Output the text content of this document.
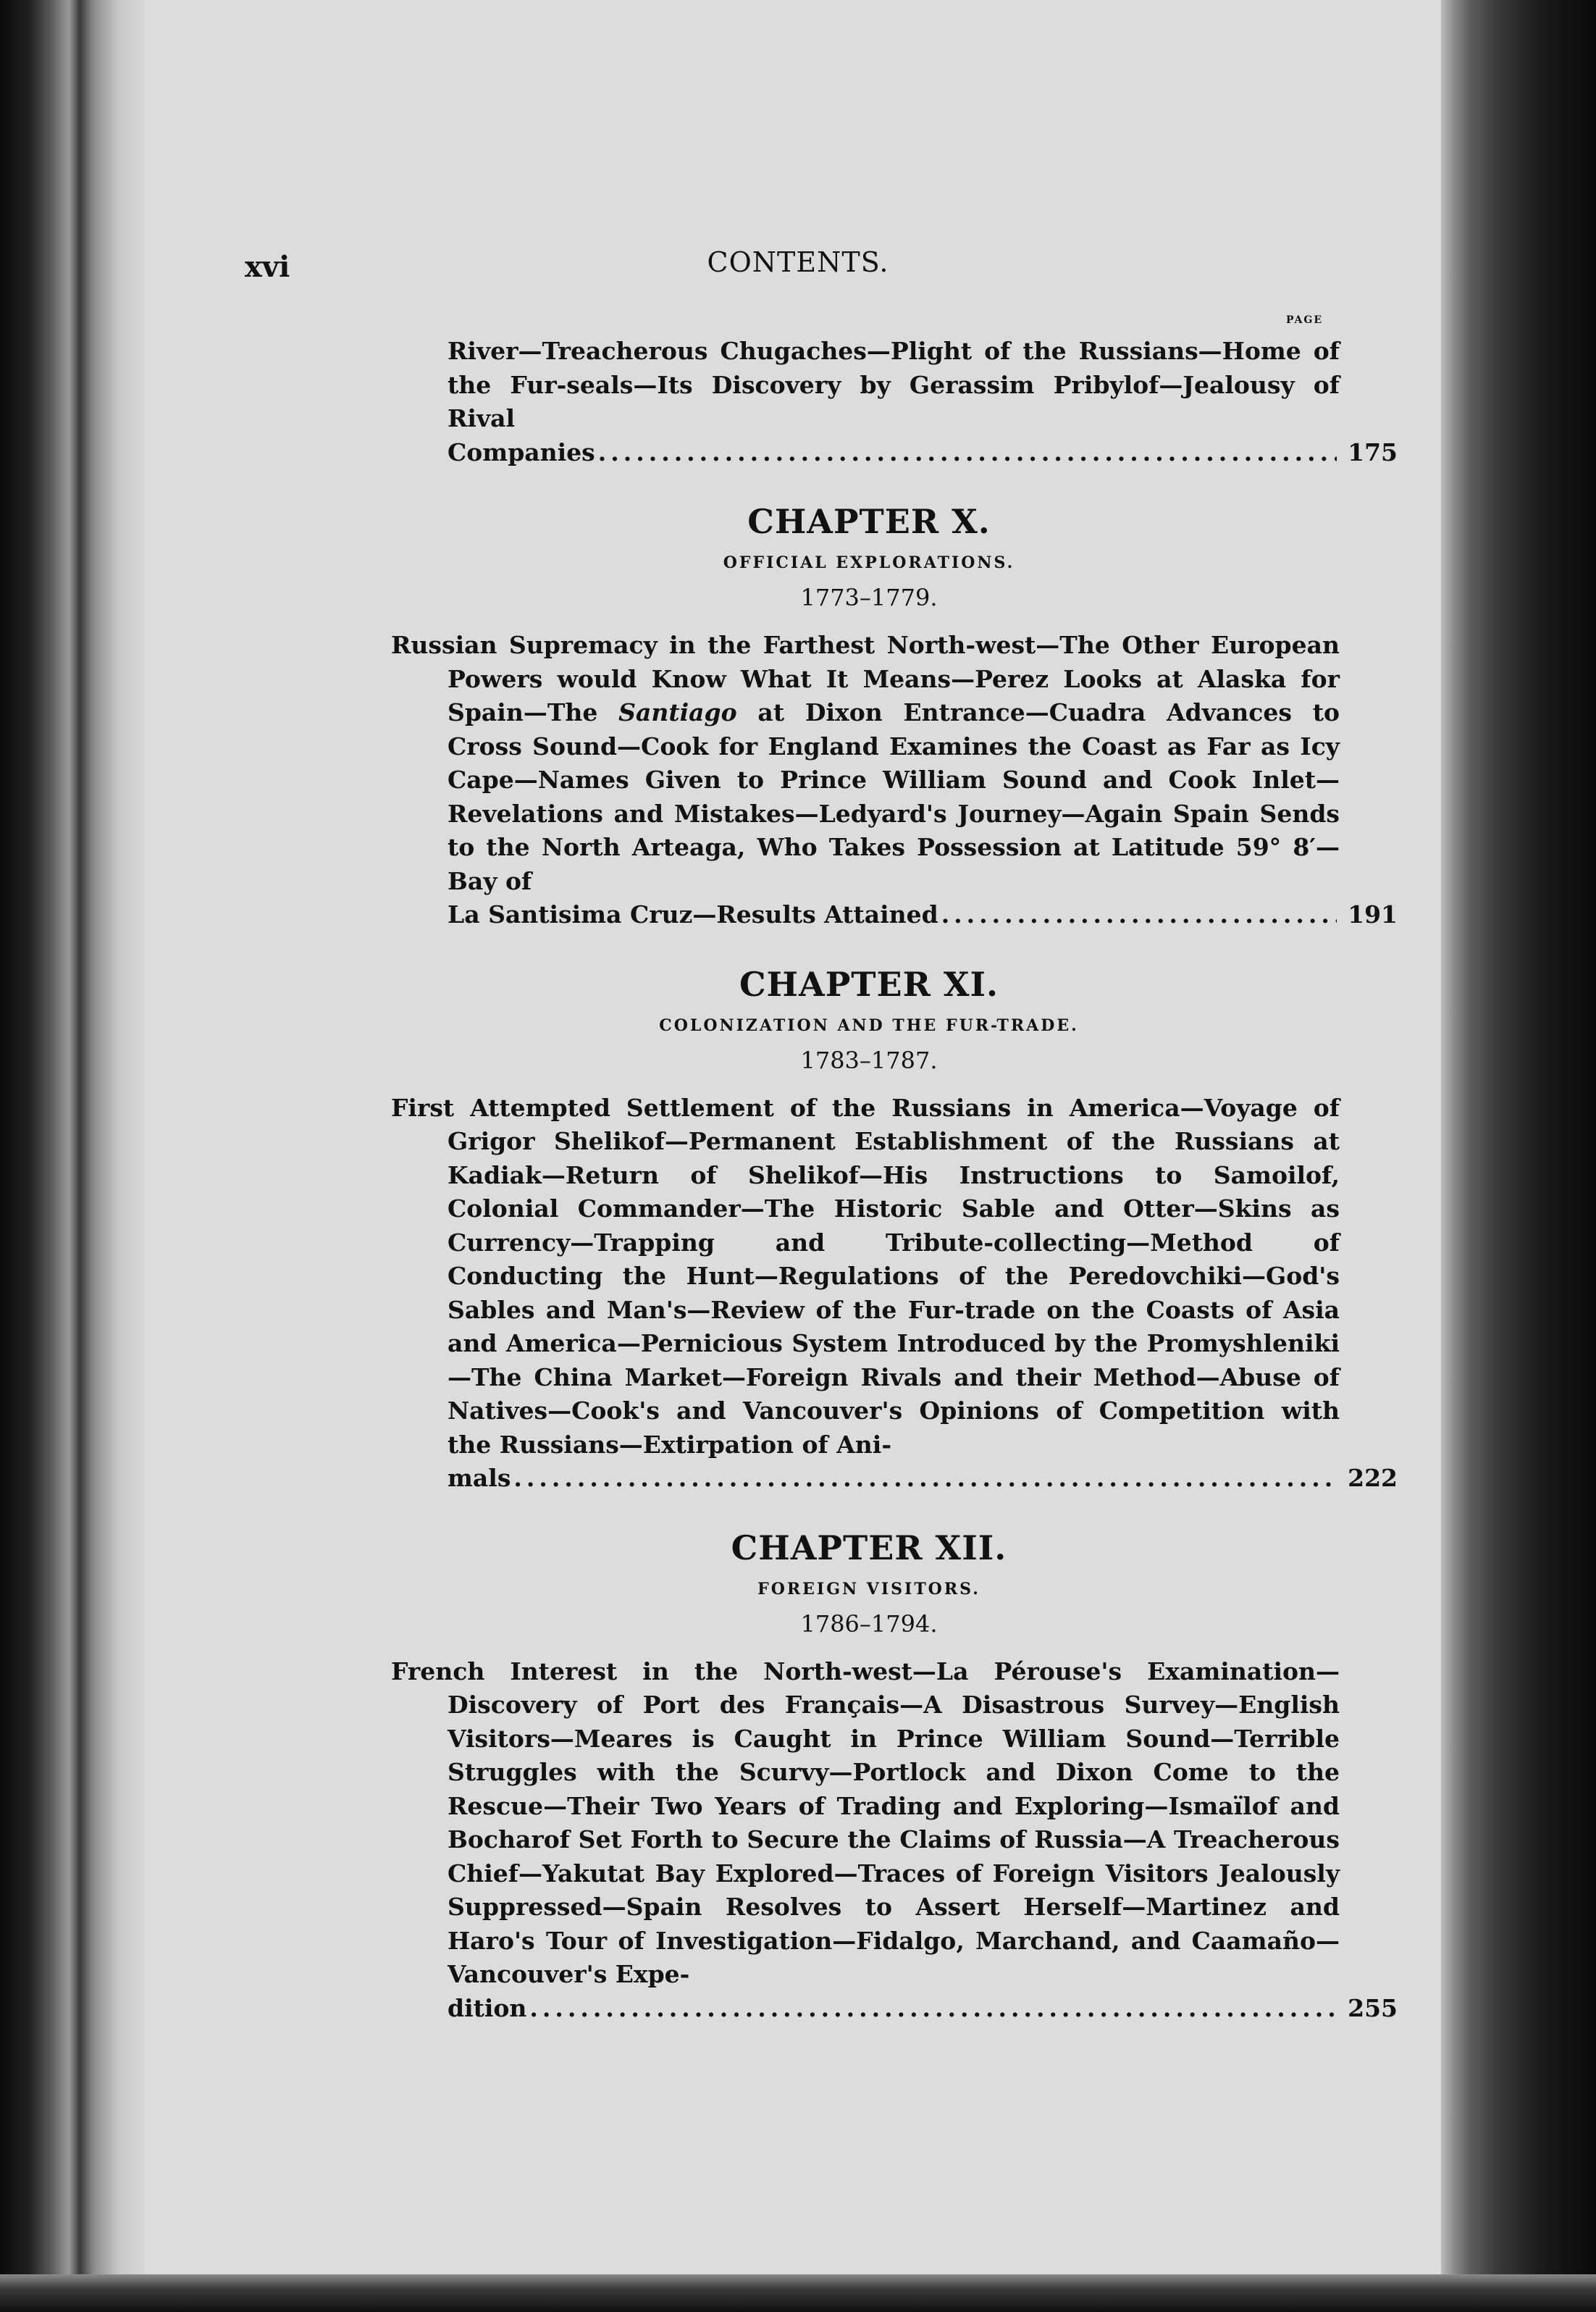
xvi	CONTENTS.
PAGE
River—Treacherous Chugaches—Plight of the Russians—Home of the Fur-seals—Its Discovery by Gerassim Pribylof—Jealousy of Rival
Companies .....	175
CHAPTER X.
OFFICIAL EXPLORATIONS.
1773–1779.
Russian Supremacy in the Farthest North-west—The Other European Powers would Know What It Means—Perez Looks at Alaska for Spain—The Santiago at Dixon Entrance—Cuadra Advances to Cross Sound—Cook for England Examines the Coast as Far as Icy Cape—Names Given to Prince William Sound and Cook Inlet—Revelations and Mistakes—Ledyard's Journey—Again Spain Sends to the North Arteaga, Who Takes Possession at Latitude 59° 8′—Bay of
La Santisima Cruz—Results Attained .....	191
CHAPTER XI.
COLONIZATION AND THE FUR-TRADE.
1783–1787.
First Attempted Settlement of the Russians in America—Voyage of Grigor Shelikof—Permanent Establishment of the Russians at Kadiak—Return of Shelikof—His Instructions to Samoilof, Colonial Commander—The Historic Sable and Otter—Skins as Currency—Trapping and Tribute-collecting—Method of Conducting the Hunt—Regulations of the Peredovchiki—God's Sables and Man's—Review of the Fur-trade on the Coasts of Asia and America—Pernicious System Introduced by the Promyshleniki—The China Market—Foreign Rivals and their Method—Abuse of Natives—Cook's and Vancouver's Opinions of Competition with the Russians—Extirpation of Ani-
mals .....	222
CHAPTER XII.
FOREIGN VISITORS.
1786–1794.
French Interest in the North-west—La Pérouse's Examination—Discovery of Port des Français—A Disastrous Survey—English Visitors—Meares is Caught in Prince William Sound—Terrible Struggles with the Scurvy—Portlock and Dixon Come to the Rescue—Their Two Years of Trading and Exploring—Ismaïlof and Bocharof Set Forth to Secure the Claims of Russia—A Treacherous Chief—Yakutat Bay Explored—Traces of Foreign Visitors Jealously Suppressed—Spain Resolves to Assert Herself—Martinez and Haro's Tour of Investigation—Fidalgo, Marchand, and Caamaño—Vancouver's Expe-
dition .....	255
